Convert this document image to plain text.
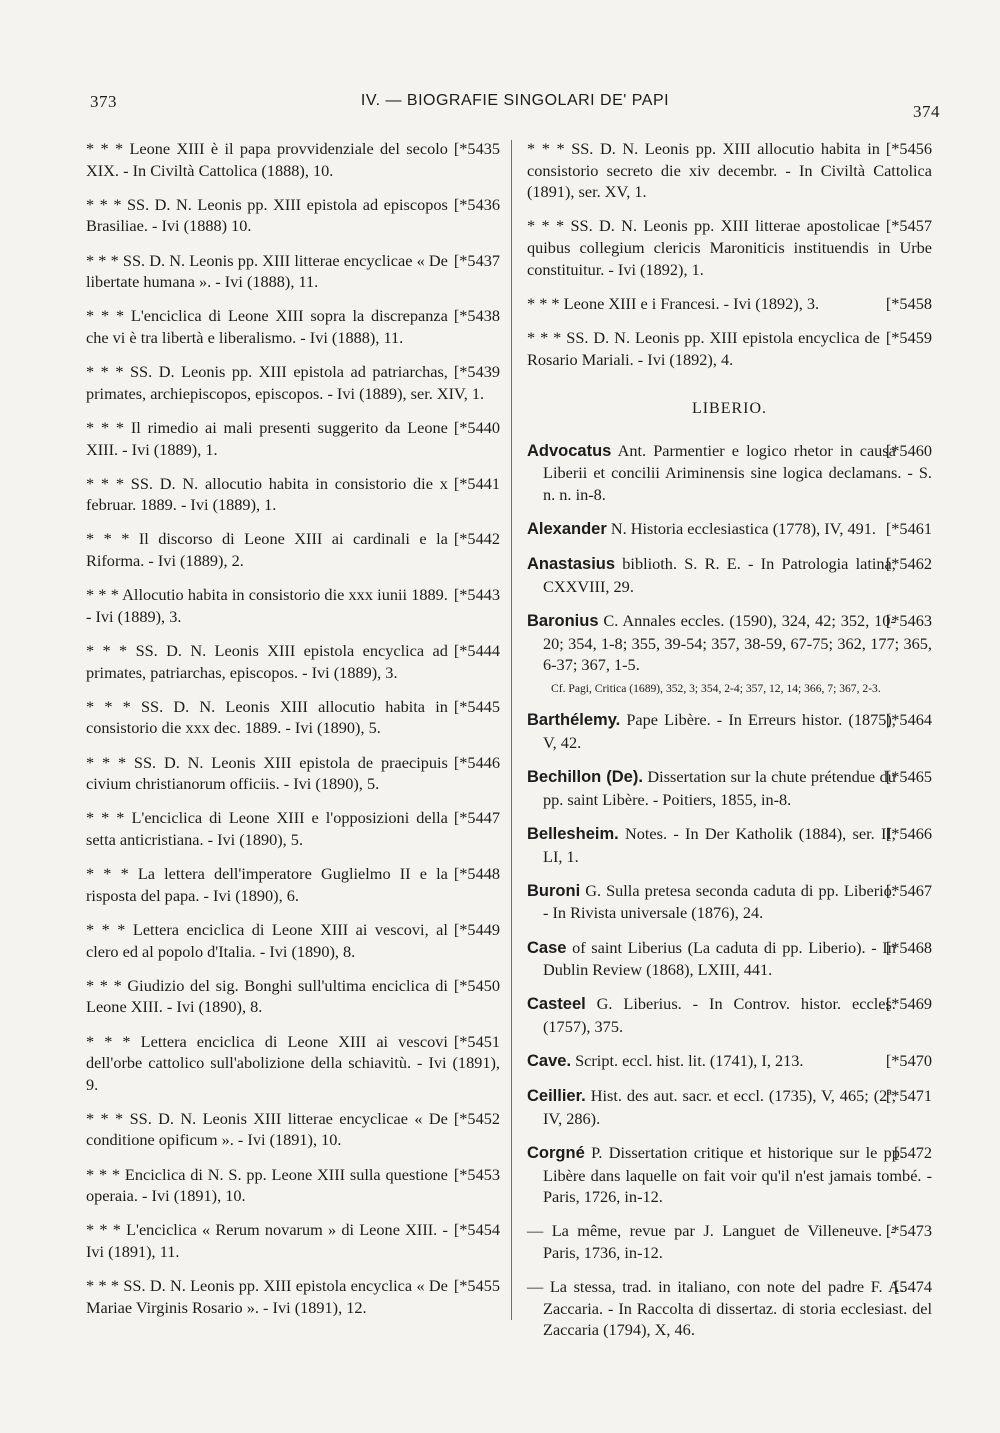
373	IV. — BIOGRAFIE SINGOLARI DE' PAPI
374
[*5435
* * * Leone XIII è il papa provvidenziale del secolo XIX. - In Civiltà Cattolica (1888), 10.
[*5436
* * * SS. D. N. Leonis pp. XIII epistola ad episcopos Brasiliae. - Ivi (1888) 10.
[*5437
* * * SS. D. N. Leonis pp. XIII litterae encyclicae « De libertate humana ». - Ivi (1888), 11.
[*5438
* * * L'enciclica di Leone XIII sopra la discrepanza che vi è tra libertà e liberalismo. - Ivi (1888), 11.
[*5439
* * * SS. D. Leonis pp. XIII epistola ad patriarchas, primates, archiepiscopos, episcopos. - Ivi (1889), ser. XIV, 1.
[*5440
* * * Il rimedio ai mali presenti suggerito da Leone XIII. - Ivi (1889), 1.
[*5441
* * * SS. D. N. allocutio habita in consistorio die x februar. 1889. - Ivi (1889), 1.
[*5442
* * * Il discorso di Leone XIII ai cardinali e la Riforma. - Ivi (1889), 2.
[*5443
* * * Allocutio habita in consistorio die xxx iunii 1889. - Ivi (1889), 3.
[*5444
* * * SS. D. N. Leonis XIII epistola encyclica ad primates, patriarchas, episcopos. - Ivi (1889), 3.
[*5445
* * * SS. D. N. Leonis XIII allocutio habita in consistorio die xxx dec. 1889. - Ivi (1890), 5.
[*5446
* * * SS. D. N. Leonis XIII epistola de praecipuis civium christianorum officiis. - Ivi (1890), 5.
[*5447
* * * L'enciclica di Leone XIII e l'opposizioni della setta anticristiana. - Ivi (1890), 5.
[*5448
* * * La lettera dell'imperatore Guglielmo II e la risposta del papa. - Ivi (1890), 6.
[*5449
* * * Lettera enciclica di Leone XIII ai vescovi, al clero ed al popolo d'Italia. - Ivi (1890), 8.
[*5450
* * * Giudizio del sig. Bonghi sull'ultima enciclica di Leone XIII. - Ivi (1890), 8.
[*5451
* * * Lettera enciclica di Leone XIII ai vescovi dell'orbe cattolico sull'abolizione della schiavitù. - Ivi (1891), 9.
[*5452
* * * SS. D. N. Leonis XIII litterae encyclicae « De conditione opificum ». - Ivi (1891), 10.
[*5453
* * * Enciclica di N. S. pp. Leone XIII sulla questione operaia. - Ivi (1891), 10.
[*5454
* * * L'enciclica « Rerum novarum » di Leone XIII. - Ivi (1891), 11.
[*5455
* * * SS. D. N. Leonis pp. XIII epistola encyclica « De Mariae Virginis Rosario ». - Ivi (1891), 12.
[*5456
* * * SS. D. N. Leonis pp. XIII allocutio habita in consistorio secreto die xiv decembr. - In Civiltà Cattolica (1891), ser. XV, 1.
[*5457
* * * SS. D. N. Leonis pp. XIII litterae apostolicae quibus collegium clericis Maroniticis instituendis in Urbe constituitur. - Ivi (1892), 1.
[*5458
* * * Leone XIII e i Francesi. - Ivi (1892), 3.
[*5459
* * * SS. D. N. Leonis pp. XIII epistola encyclica de Rosario Mariali. - Ivi (1892), 4.
LIBERIO.
[*5460
Advocatus Ant. Parmentier e logico rhetor in causa Liberii et concilii Ariminensis sine logica declamans. - S. n. n. in-8.
[*5461
Alexander N. Historia ecclesiastica (1778), IV, 491.
[*5462
Anastasius biblioth. S. R. E. - In Patrologia latina, CXXVIII, 29.
[*5463
Baronius C. Annales eccles. (1590), 324, 42; 352, 10-20; 354, 1-8; 355, 39-54; 357, 38-59, 67-75; 362, 177; 365, 6-37; 367, 1-5.
Cf. Pagi, Critica (1689), 352, 3; 354, 2-4; 357, 12, 14; 366, 7; 367, 2-3.
[*5464
Barthélemy. Pape Libère. - In Erreurs histor. (1875), V, 42.
[*5465
Bechillon (De). Dissertation sur la chute prétendue du pp. saint Libère. - Poitiers, 1855, in-8.
[*5466
Bellesheim. Notes. - In Der Katholik (1884), ser. II, LI, 1.
[*5467
Buroni G. Sulla pretesa seconda caduta di pp. Liberio. - In Rivista universale (1876), 24.
[*5468
Case of saint Liberius (La caduta di pp. Liberio). - In Dublin Review (1868), LXIII, 441.
[*5469
Casteel G. Liberius. - In Controv. histor. eccles. (1757), 375.
[*5470
Cave. Script. eccl. hist. lit. (1741), I, 213.
[*5471
Ceillier. Hist. des aut. sacr. et eccl. (1735), V, 465; (2ª, IV, 286).
[5472
Corgné P. Dissertation critique et historique sur le pp. Libère dans laquelle on fait voir qu'il n'est jamais tombé. - Paris, 1726, in-12.
[*5473
— La même, revue par J. Languet de Villeneuve. - Paris, 1736, in-12.
[5474
— La stessa, trad. in italiano, con note del padre F. A. Zaccaria. - In Raccolta di dissertaz. di storia ecclesiast. del Zaccaria (1794), X, 46.
